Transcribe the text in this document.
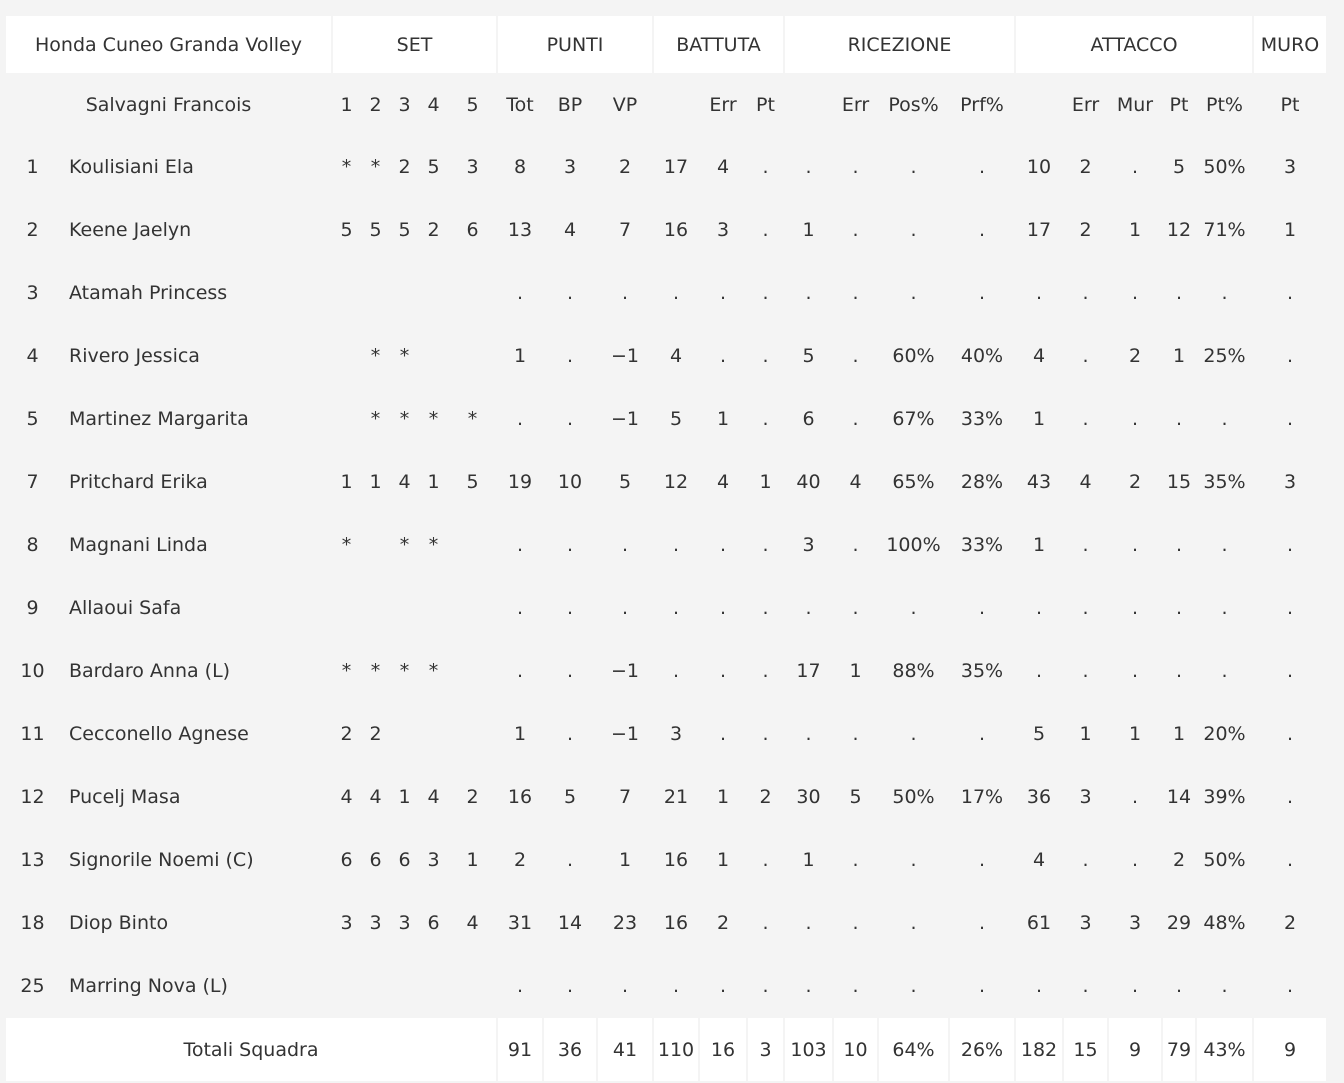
Honda Cuneo Granda Volley		SET					PUNTI			BATTUTA			RICEZIONE				ATTACCO					MURO
Salvagni Francois		1	2	3	4	5	Tot	BP	VP		Err	Pt		Err	Pos%	Prf%		Err	Mur	Pt	Pt%	Pt
1	Koulisiani Ela	*	*	2	5	3	8	3	2	17	4	.	.	.	.	.	10	2	.	5	50%	3
2	Keene Jaelyn	5	5	5	2	6	13	4	7	16	3	.	1	.	.	.	17	2	1	12	71%	1
3	Atamah Princess						.	.	.	.	.	.	.	.	.	.	.	.	.	.	.	.
4	Rivero Jessica		*	*			1	.	−1	4	.	.	5	.	60%	40%	4	.	2	1	25%	.
5	Martinez Margarita		*	*	*	*	.	.	−1	5	1	.	6	.	67%	33%	1	.	.	.	.	.
7	Pritchard Erika	1	1	4	1	5	19	10	5	12	4	1	40	4	65%	28%	43	4	2	15	35%	3
8	Magnani Linda	*		*	*		.	.	.	.	.	.	3	.	100%	33%	1	.	.	.	.	.
9	Allaoui Safa						.	.	.	.	.	.	.	.	.	.	.	.	.	.	.	.
10	Bardaro Anna (L)	*	*	*	*		.	.	−1	.	.	.	17	1	88%	35%	.	.	.	.	.	.
11	Cecconello Agnese	2	2				1	.	−1	3	.	.	.	.	.	.	5	1	1	1	20%	.
12	Pucelj Masa	4	4	1	4	2	16	5	7	21	1	2	30	5	50%	17%	36	3	.	14	39%	.
13	Signorile Noemi (C)	6	6	6	3	1	2	.	1	16	1	.	1	.	.	.	4	.	.	2	50%	.
18	Diop Binto	3	3	3	6	4	31	14	23	16	2	.	.	.	.	.	61	3	3	29	48%	2
25	Marring Nova (L)						.	.	.	.	.	.	.	.	.	.	.	.	.	.	.	.
Totali Squadra							91	36	41	110	16	3	103	10	64%	26%	182	15	9	79	43%	9
